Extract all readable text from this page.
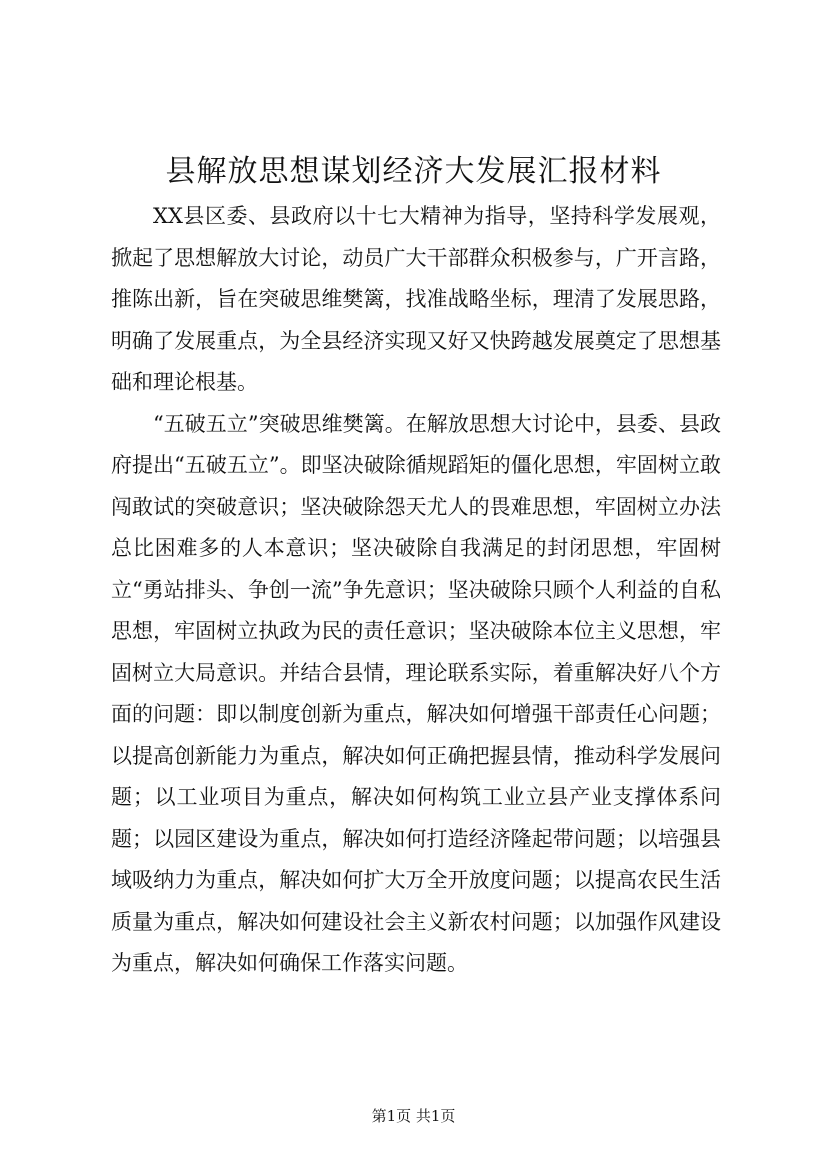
县解放思想谋划经济大发展汇报材料

XX县区委、县政府以十七大精神为指导，坚持科学发展观，掀起了思想解放大讨论，动员广大干部群众积极参与，广开言路，推陈出新，旨在突破思维樊篱，找准战略坐标，理清了发展思路，明确了发展重点，为全县经济实现又好又快跨越发展奠定了思想基础和理论根基。

“五破五立”突破思维樊篱。在解放思想大讨论中，县委、县政府提出“五破五立”。即坚决破除循规蹈矩的僵化思想，牢固树立敢闯敢试的突破意识；坚决破除怨天尤人的畏难思想，牢固树立办法总比困难多的人本意识；坚决破除自我满足的封闭思想，牢固树立“勇站排头、争创一流”争先意识；坚决破除只顾个人利益的自私思想，牢固树立执政为民的责任意识；坚决破除本位主义思想，牢固树立大局意识。并结合县情，理论联系实际，着重解决好八个方面的问题：即以制度创新为重点，解决如何增强干部责任心问题；以提高创新能力为重点，解决如何正确把握县情，推动科学发展问题；以工业项目为重点，解决如何构筑工业立县产业支撑体系问题；以园区建设为重点，解决如何打造经济隆起带问题；以培强县域吸纳力为重点，解决如何扩大万全开放度问题；以提高农民生活质量为重点，解决如何建设社会主义新农村问题；以加强作风建设为重点，解决如何确保工作落实问题。

第1页 共1页
